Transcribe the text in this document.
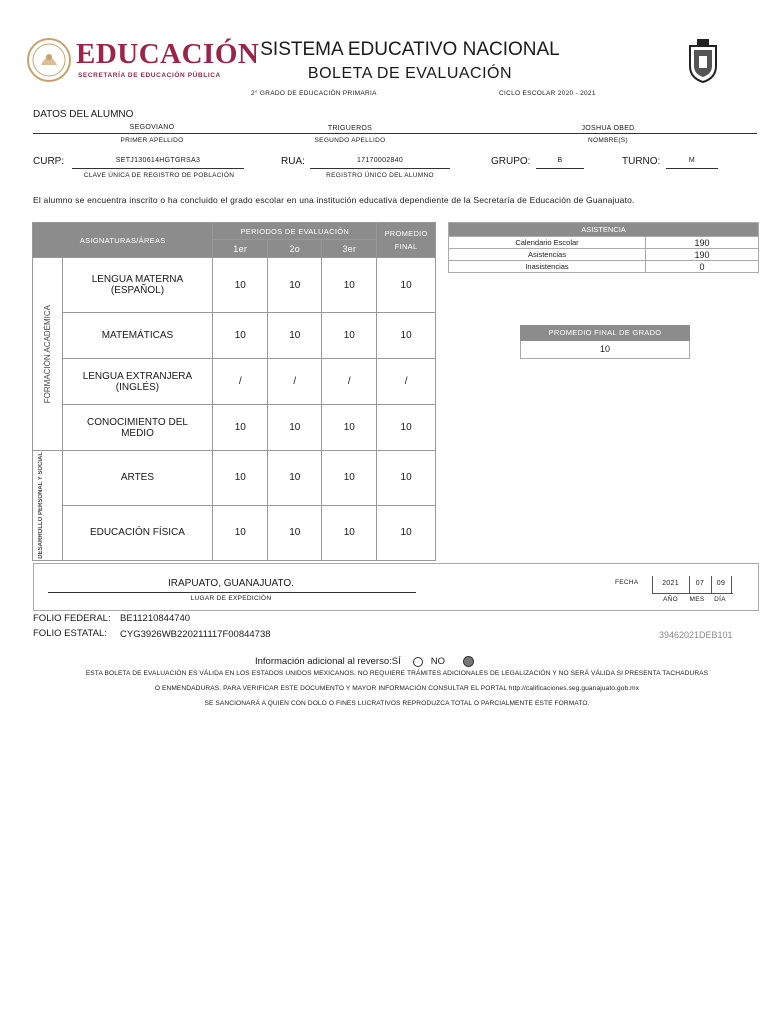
EDUCACIÓN
SECRETARÍA DE EDUCACIÓN PÚBLICA
SISTEMA EDUCATIVO NACIONAL
BOLETA DE EVALUACIÓN
2° GRADO DE EDUCACIÓN PRIMARIA	CICLO ESCOLAR 2020 - 2021
DATOS DEL ALUMNO
SEGOVIANO	TRIGUEROS	JOSHUA OBED
PRIMER APELLIDO	SEGUNDO APELLIDO	NOMBRE(S)
CURP:	SETJ130614HGTGRSA3
CLAVE ÚNICA DE REGISTRO DE POBLACIÓN
RUA:	17170002840
REGISTRO ÚNICO DEL ALUMNO
GRUPO:	B	TURNO:	M
El alumno se encuentra inscrito o ha concluido el grado escolar en una institución educativa dependiente de la Secretaría de Educación de Guanajuato.
ASIGNATURAS/ÁREAS		PERIODOS DE EVALUACIÓN			PROMEDIO
FINAL
		1er	2o	3er	

FORMACIÓN ACADÉMICA	LENGUA MATERNA
(ESPAÑOL)	10	10	10	10
	MATEMÁTICAS	10	10	10	10
	LENGUA EXTRANJERA
(INGLÉS)	/	/	/	/
	CONOCIMIENTO DEL
MEDIO	10	10	10	10

DESARROLLO PERSONAL Y SOCIAL	ARTES	10	10	10	10
	EDUCACIÓN FÍSICA	10	10	10	10
ASISTENCIA	
Calendario Escolar	190
Asistencias	190
Inasistencias	0
PROMEDIO FINAL DE GRADO
10
IRAPUATO, GUANAJUATO.
LUGAR DE EXPEDICIÓN
FECHA	2021	07	09
AÑO	MES	DÍA
FOLIO FEDERAL: BE11210844740
FOLIO ESTATAL: CYG3926WB220211117F00844738	39462021DEB101
Información adicional al reverso: SÍ	NO
ESTA BOLETA DE EVALUACIÓN ES VÁLIDA EN LOS ESTADOS UNIDOS MEXICANOS. NO REQUIERE TRÁMITES ADICIONALES DE LEGALIZACIÓN Y NO SERÁ VÁLIDA SI PRESENTA TACHADURAS
O ENMENDADURAS. PARA VERIFICAR ESTE DOCUMENTO Y MAYOR INFORMACIÓN CONSULTAR EL PORTAL http://calificaciones.seg.guanajuato.gob.mx
SE SANCIONARÁ A QUIEN CON DOLO O FINES LUCRATIVOS REPRODUZCA TOTAL O PARCIALMENTE ESTE FORMATO.
